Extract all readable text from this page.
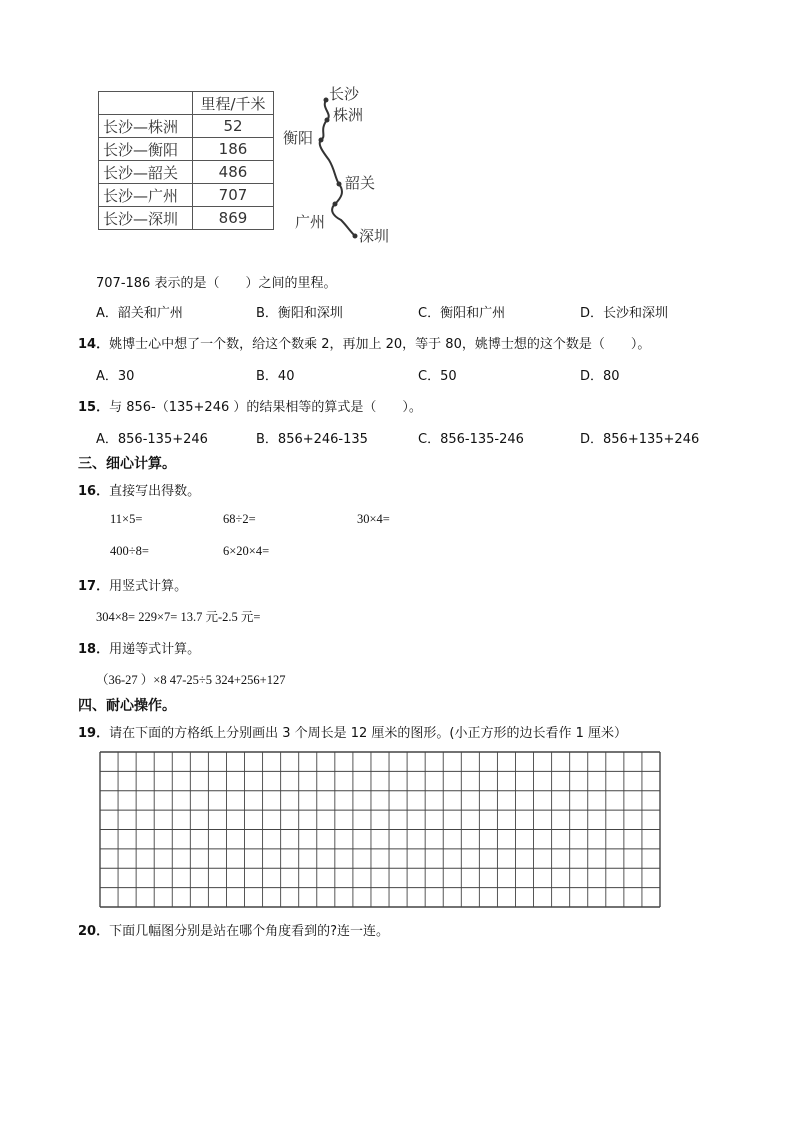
	里程/千米
长沙—株洲	52
长沙—衡阳	186
长沙—韶关	486
长沙—广州	707
长沙—深圳	869
长沙
株洲
衡阳
韶关
广州
深圳
707-186 表示的是（　　）之间的里程。
A．韶关和广州	B．衡阳和深圳	C．衡阳和广州	D．长沙和深圳
14．姚博士心中想了一个数，给这个数乘 2，再加上 20，等于 80，姚博士想的这个数是（　　）。
A．30	B．40	C．50	D．80
15．与 856-（135+246 ）的结果相等的算式是（　　）。
A．856-135+246	B．856+246-135	C．856-135-246	D．856+135+246
三、细心计算。
16．直接写出得数。
11×5=	68÷2=	30×4=
400÷8=	6×20×4=
17．用竖式计算。
304×8= 229×7= 13.7 元-2.5 元=
18．用递等式计算。
（36-27 ）×8 47-25÷5 324+256+127
四、耐心操作。
19．请在下面的方格纸上分别画出 3 个周长是 12 厘米的图形。(小正方形的边长看作 1 厘米）
20．下面几幅图分别是站在哪个角度看到的?连一连。
